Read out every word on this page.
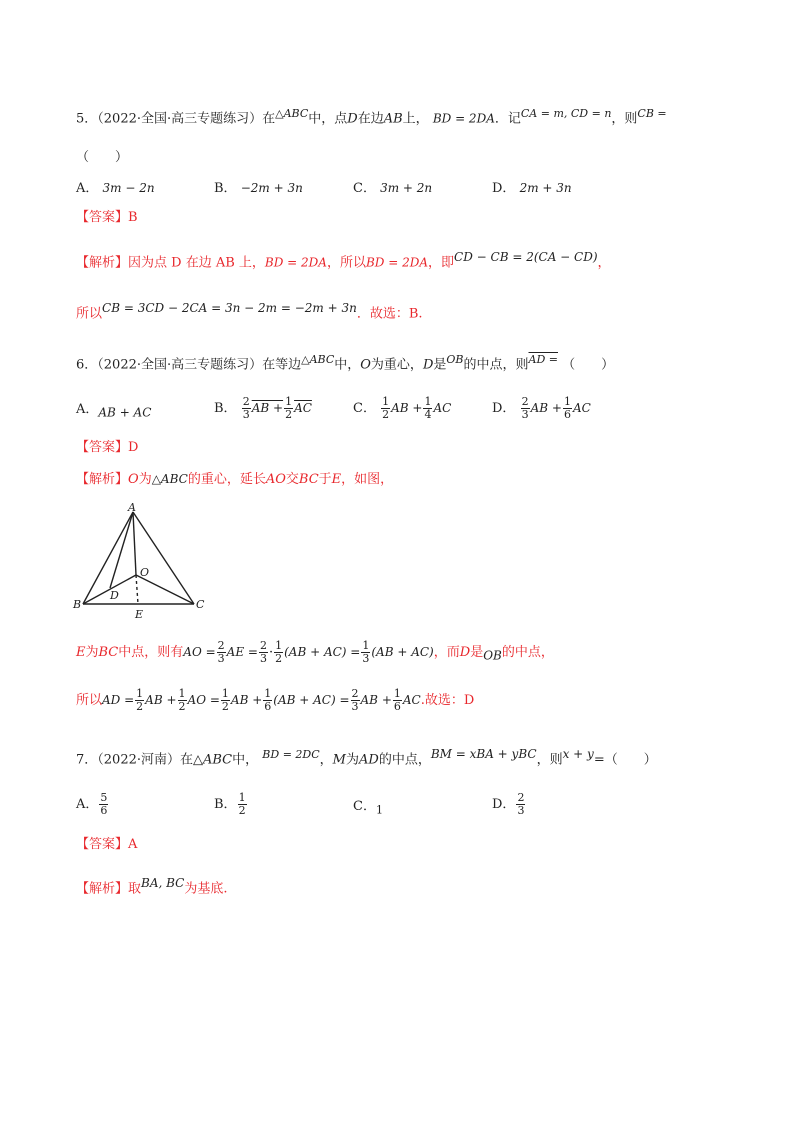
5．（2022·全国·高三专题练习）在$^{\triangle ABC}$中，点D在边AB上， BD = 2DA．记$^{CA = m, CD = n}$，则$^{CB =}$
（　　）
A． 3m − 2n	B． −2m + 3n	C． 3m + 2n	D． 2m + 3n
【答案】B
【解析】因为点 D 在边 AB 上，BD = 2DA，所以BD = 2DA，即$^{CD - CB = 2(CA - CD)}$，
所以$^{CB = 3CD - 2CA = 3n - 2m = -2m + 3n}$．故选：B.
6．（2022·全国·高三专题练习）在等边$^{\triangle ABC}$中，O为重心，D是$^{OB}$的中点，则$^{AD =}$ （　　）
A．$_{AB + AC}$	B． $\frac{2}{3}$ AB + $\frac{1}{2} \overline{AC}$	C． $\frac{1}{2}$ AB + $\frac{1}{4}$ AC	D． $\frac{2}{3}$ AB + $\frac{1}{6}$ AC
【答案】D
【解析】O为△ABC的重心，延长AO交BC于E，如图，
A
B	C
D
E
O
E为BC中点，则有AO = $\frac{2}{3}$ AE = $\frac{2}{3} \cdot \frac{1}{2} (AB + AC) = \frac{1}{3} (AB + AC)$，而D是$_{OB}$的中点，
所以AD = $\frac{1}{2}$ AB + $\frac{1}{2}$ AO = $\frac{1}{2}$ AB + $\frac{1}{6} (AB + AC) = \frac{2}{3}$ AB + $\frac{1}{6}$ AC.故选：D
7．（2022·河南）在△ABC中， $^{BD = 2DC}$，M为AD的中点，$^{BM = xBA + yBC}$，则$^{x + y}$=（　　）
A． $\frac{5}{6}$	B． $\frac{1}{2}$	C．$_1$	D． $\frac{2}{3}$
【答案】A
【解析】取$^{BA, BC}$为基底.
